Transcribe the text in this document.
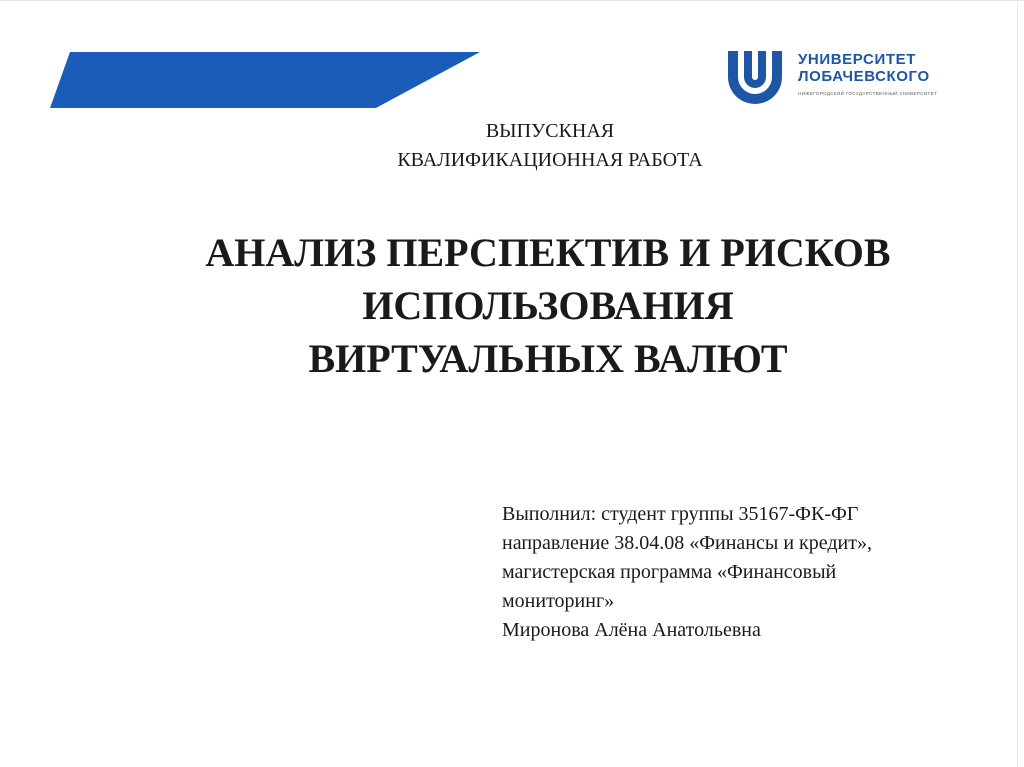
УНИВЕРСИТЕТ
ЛОБАЧЕВСКОГО
НИЖЕГОРОДСКИЙ ГОСУДАРСТВЕННЫЙ УНИВЕРСИТЕТ
ВЫПУСКНАЯ
КВАЛИФИКАЦИОННАЯ РАБОТА
АНАЛИЗ ПЕРСПЕКТИВ И РИСКОВ
ИСПОЛЬЗОВАНИЯ
ВИРТУАЛЬНЫХ ВАЛЮТ
Выполнил: студент группы 35167-ФК-ФГ
направление 38.04.08 «Финансы и кредит»,
магистерская программа «Финансовый
мониторинг»
Миронова Алёна Анатольевна
